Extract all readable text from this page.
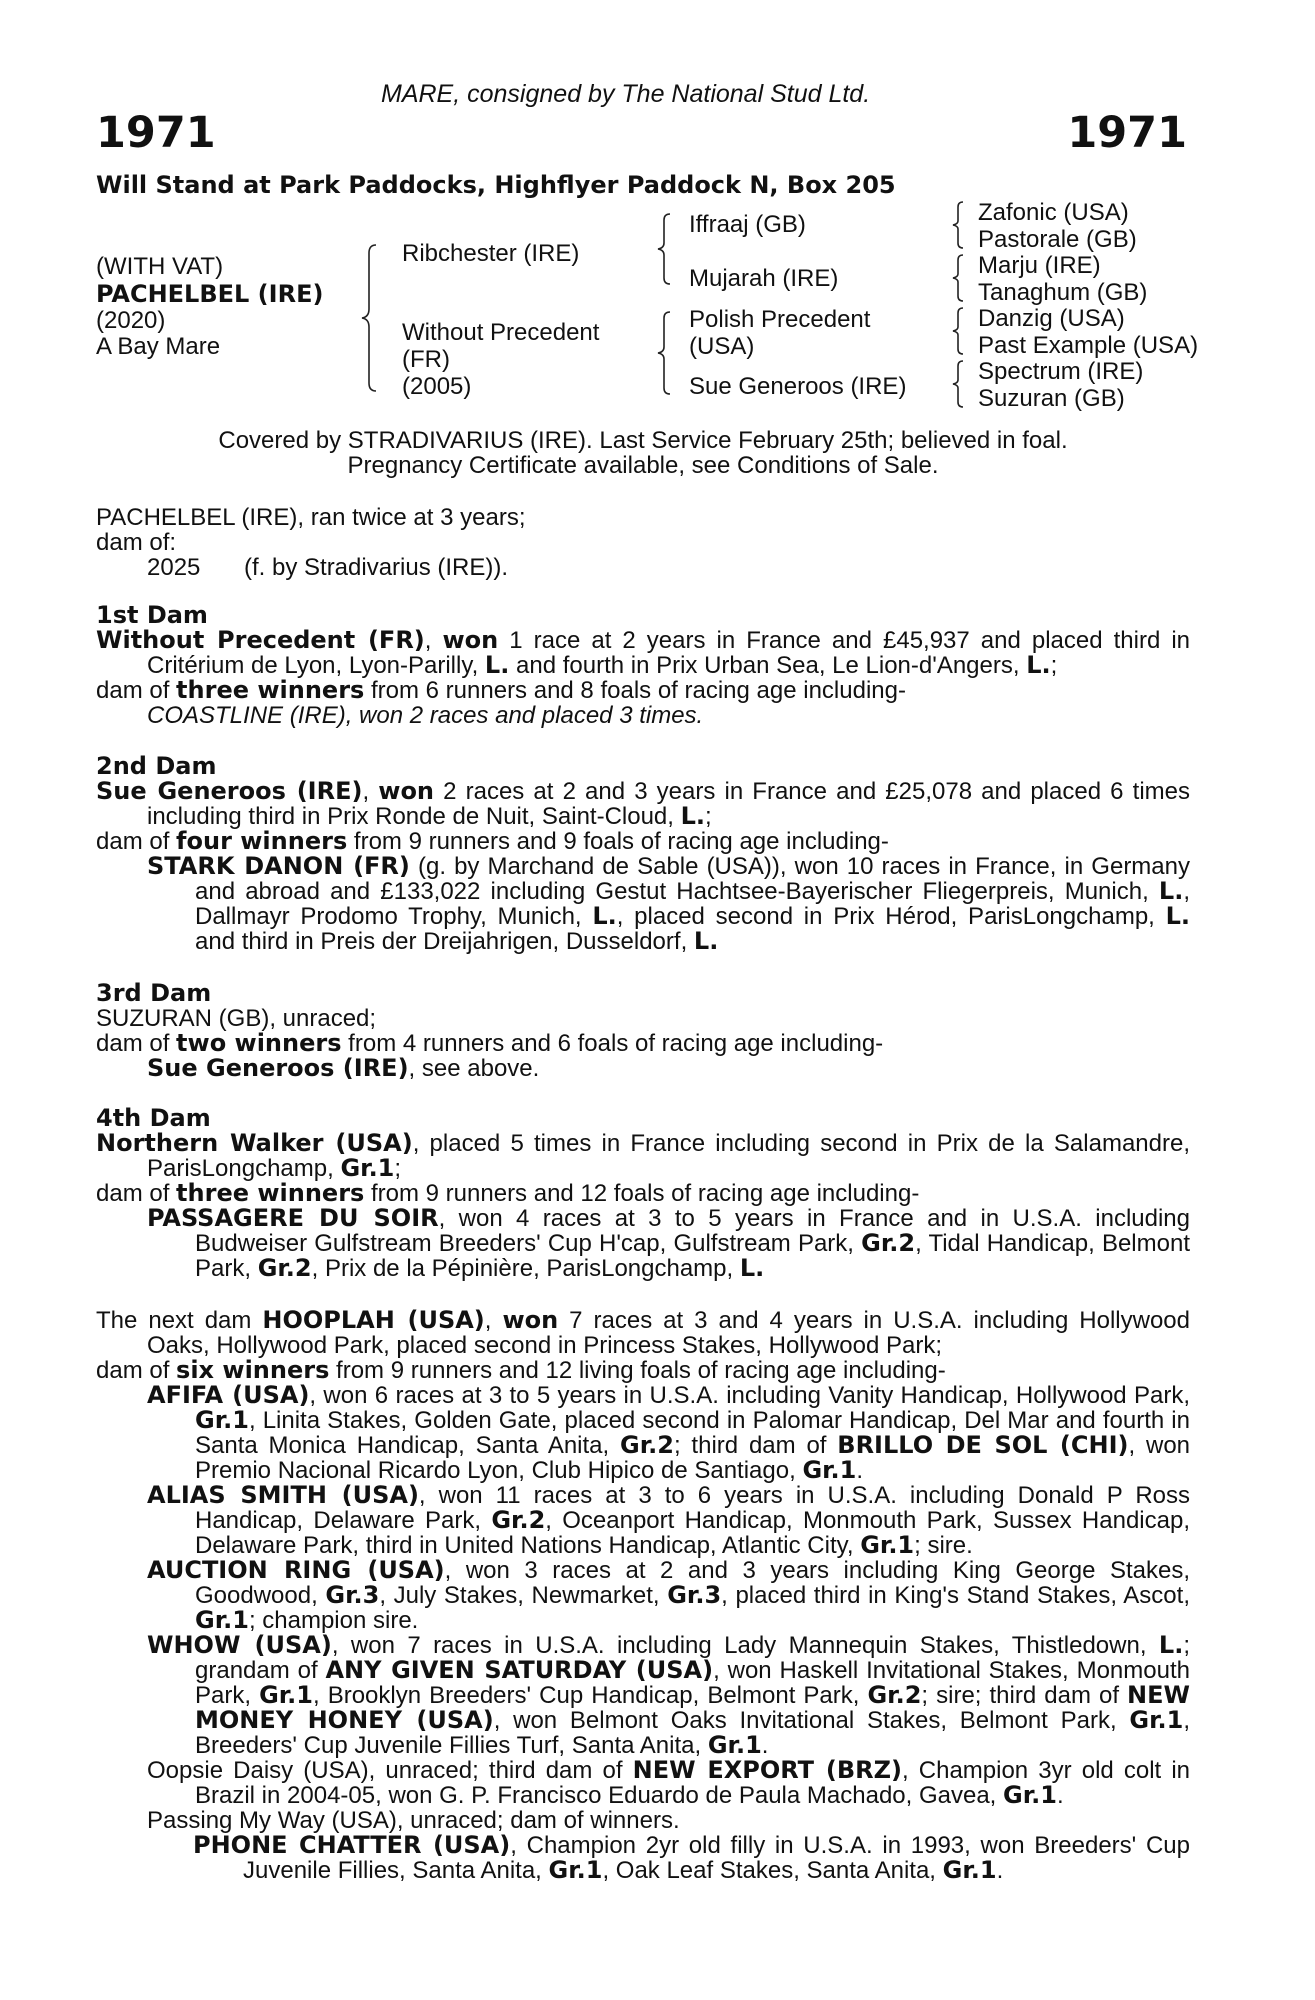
MARE, consigned by The National Stud Ltd.
1971	1971
Will Stand at Park Paddocks, Highflyer Paddock N, Box 205
(WITH VAT)
PACHELBEL (IRE)
(2020)
A Bay Mare
Ribchester (IRE)
Without Precedent
(FR)
(2005)
Iffraaj (GB)
Mujarah (IRE)
Polish Precedent
(USA)
Sue Generoos (IRE)
Zafonic (USA)
Pastorale (GB)
Marju (IRE)
Tanaghum (GB)
Danzig (USA)
Past Example (USA)
Spectrum (IRE)
Suzuran (GB)
Covered by STRADIVARIUS (IRE). Last Service February 25th; believed in foal.
Pregnancy Certificate available, see Conditions of Sale.
PACHELBEL (IRE), ran twice at 3 years;
dam of:
2025 (f. by Stradivarius (IRE)).

1st Dam

Without Precedent (FR), won 1 race at 2 years in France and £45,937 and placed third in Critérium de Lyon, Lyon-Parilly, L. and fourth in Prix Urban Sea, Le Lion-d'Angers, L.;

dam of three winners from 6 runners and 8 foals of racing age including-

COASTLINE (IRE), won 2 races and placed 3 times.

2nd Dam

Sue Generoos (IRE), won 2 races at 2 and 3 years in France and £25,078 and placed 6 times including third in Prix Ronde de Nuit, Saint-Cloud, L.;

dam of four winners from 9 runners and 9 foals of racing age including-

STARK DANON (FR) (g. by Marchand de Sable (USA)), won 10 races in France, in Germany and abroad and £133,022 including Gestut Hachtsee-Bayerischer Fliegerpreis, Munich, L., Dallmayr Prodomo Trophy, Munich, L., placed second in Prix Hérod, ParisLongchamp, L. and third in Preis der Dreijahrigen, Dusseldorf, L.

3rd Dam

SUZURAN (GB), unraced;

dam of two winners from 4 runners and 6 foals of racing age including-

Sue Generoos (IRE), see above.

4th Dam

Northern Walker (USA), placed 5 times in France including second in Prix de la Salamandre, ParisLongchamp, Gr.1;

dam of three winners from 9 runners and 12 foals of racing age including-

PASSAGERE DU SOIR, won 4 races at 3 to 5 years in France and in U.S.A. including Budweiser Gulfstream Breeders' Cup H'cap, Gulfstream Park, Gr.2, Tidal Handicap, Belmont Park, Gr.2, Prix de la Pépinière, ParisLongchamp, L.

The next dam HOOPLAH (USA), won 7 races at 3 and 4 years in U.S.A. including Hollywood Oaks, Hollywood Park, placed second in Princess Stakes, Hollywood Park;

dam of six winners from 9 runners and 12 living foals of racing age including-

AFIFA (USA), won 6 races at 3 to 5 years in U.S.A. including Vanity Handicap, Hollywood Park, Gr.1, Linita Stakes, Golden Gate, placed second in Palomar Handicap, Del Mar and fourth in Santa Monica Handicap, Santa Anita, Gr.2; third dam of BRILLO DE SOL (CHI), won Premio Nacional Ricardo Lyon, Club Hipico de Santiago, Gr.1.

ALIAS SMITH (USA), won 11 races at 3 to 6 years in U.S.A. including Donald P Ross Handicap, Delaware Park, Gr.2, Oceanport Handicap, Monmouth Park, Sussex Handicap, Delaware Park, third in United Nations Handicap, Atlantic City, Gr.1; sire.

AUCTION RING (USA), won 3 races at 2 and 3 years including King George Stakes, Goodwood, Gr.3, July Stakes, Newmarket, Gr.3, placed third in King's Stand Stakes, Ascot, Gr.1; champion sire.

WHOW (USA), won 7 races in U.S.A. including Lady Mannequin Stakes, Thistledown, L.; grandam of ANY GIVEN SATURDAY (USA), won Haskell Invitational Stakes, Monmouth Park, Gr.1, Brooklyn Breeders' Cup Handicap, Belmont Park, Gr.2; sire; third dam of NEW MONEY HONEY (USA), won Belmont Oaks Invitational Stakes, Belmont Park, Gr.1, Breeders' Cup Juvenile Fillies Turf, Santa Anita, Gr.1.

Oopsie Daisy (USA), unraced; third dam of NEW EXPORT (BRZ), Champion 3yr old colt in Brazil in 2004-05, won G. P. Francisco Eduardo de Paula Machado, Gavea, Gr.1.

Passing My Way (USA), unraced; dam of winners.

PHONE CHATTER (USA), Champion 2yr old filly in U.S.A. in 1993, won Breeders' Cup Juvenile Fillies, Santa Anita, Gr.1, Oak Leaf Stakes, Santa Anita, Gr.1.
